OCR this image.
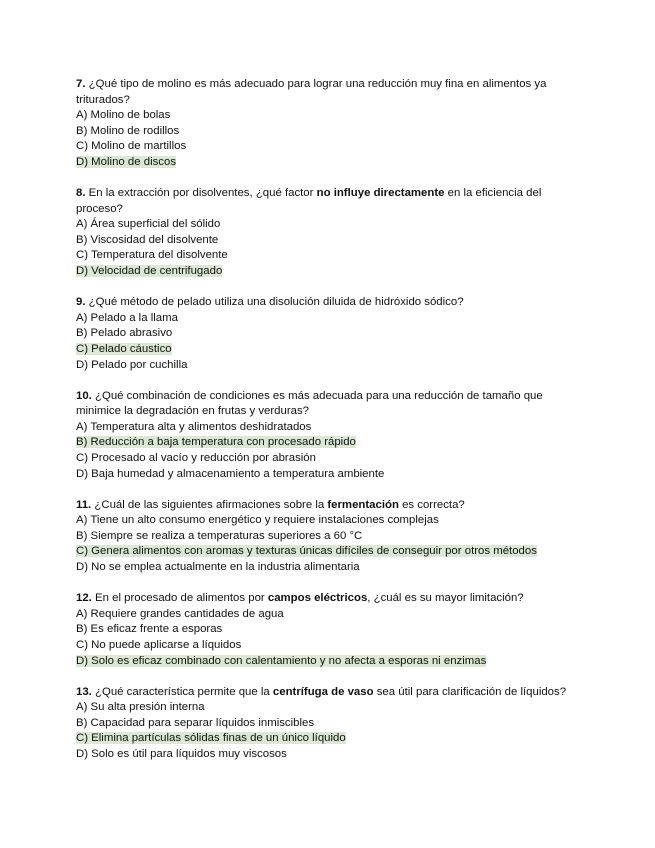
7. ¿Qué tipo de molino es más adecuado para lograr una reducción muy fina en alimentos ya triturados?
A) Molino de bolas
B) Molino de rodillos
C) Molino de martillos
D) Molino de discos
8. En la extracción por disolventes, ¿qué factor no influye directamente en la eficiencia del proceso?
A) Área superficial del sólido
B) Viscosidad del disolvente
C) Temperatura del disolvente
D) Velocidad de centrifugado
9. ¿Qué método de pelado utiliza una disolución diluida de hidróxido sódico?
A) Pelado a la llama
B) Pelado abrasivo
C) Pelado cáustico
D) Pelado por cuchilla
10. ¿Qué combinación de condiciones es más adecuada para una reducción de tamaño que minimice la degradación en frutas y verduras?
A) Temperatura alta y alimentos deshidratados
B) Reducción a baja temperatura con procesado rápido
C) Procesado al vacío y reducción por abrasión
D) Baja humedad y almacenamiento a temperatura ambiente
11. ¿Cuál de las siguientes afirmaciones sobre la fermentación es correcta?
A) Tiene un alto consumo energético y requiere instalaciones complejas
B) Siempre se realiza a temperaturas superiores a 60 °C
C) Genera alimentos con aromas y texturas únicas difíciles de conseguir por otros métodos
D) No se emplea actualmente en la industria alimentaria
12. En el procesado de alimentos por campos eléctricos, ¿cuál es su mayor limitación?
A) Requiere grandes cantidades de agua
B) Es eficaz frente a esporas
C) No puede aplicarse a líquidos
D) Solo es eficaz combinado con calentamiento y no afecta a esporas ni enzimas
13. ¿Qué característica permite que la centrífuga de vaso sea útil para clarificación de líquidos?
A) Su alta presión interna
B) Capacidad para separar líquidos inmiscibles
C) Elimina partículas sólidas finas de un único líquido
D) Solo es útil para líquidos muy viscosos
